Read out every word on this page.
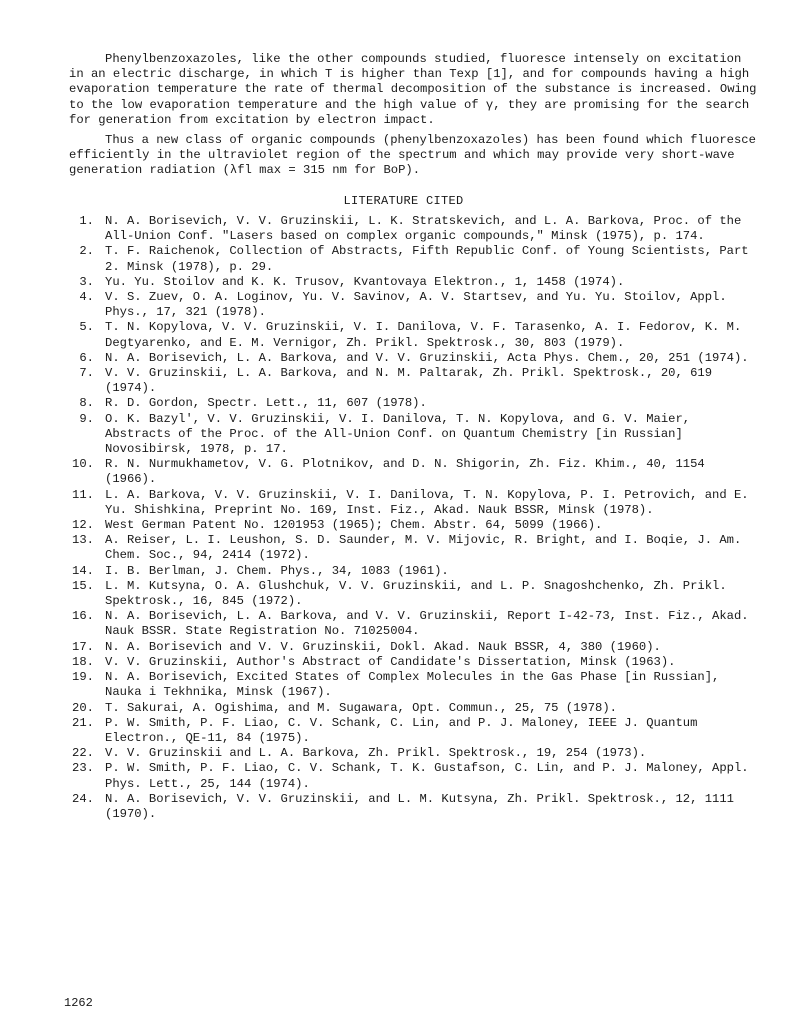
Phenylbenzoxazoles, like the other compounds studied, fluoresce intensely on excitation in an electric discharge, in which T is higher than Texp [1], and for compounds having a high evaporation temperature the rate of thermal decomposition of the substance is increased. Owing to the low evaporation temperature and the high value of γ, they are promising for the search for generation from excitation by electron impact.

Thus a new class of organic compounds (phenylbenzoxazoles) has been found which fluoresce efficiently in the ultraviolet region of the spectrum and which may provide very short-wave generation radiation (λfl max = 315 nm for BoP).

LITERATURE CITED
1. N. A. Borisevich, V. V. Gruzinskii, L. K. Stratskevich, and L. A. Barkova, Proc. of the All-Union Conf. "Lasers based on complex organic compounds," Minsk (1975), p. 174.
2. T. F. Raichenok, Collection of Abstracts, Fifth Republic Conf. of Young Scientists, Part 2. Minsk (1978), p. 29.
3. Yu. Yu. Stoilov and K. K. Trusov, Kvantovaya Elektron., 1, 1458 (1974).
4. V. S. Zuev, O. A. Loginov, Yu. V. Savinov, A. V. Startsev, and Yu. Yu. Stoilov, Appl. Phys., 17, 321 (1978).
5. T. N. Kopylova, V. V. Gruzinskii, V. I. Danilova, V. F. Tarasenko, A. I. Fedorov, K. M. Degtyarenko, and E. M. Vernigor, Zh. Prikl. Spektrosk., 30, 803 (1979).
6. N. A. Borisevich, L. A. Barkova, and V. V. Gruzinskii, Acta Phys. Chem., 20, 251 (1974).
7. V. V. Gruzinskii, L. A. Barkova, and N. M. Paltarak, Zh. Prikl. Spektrosk., 20, 619 (1974).
8. R. D. Gordon, Spectr. Lett., 11, 607 (1978).
9. O. K. Bazyl', V. V. Gruzinskii, V. I. Danilova, T. N. Kopylova, and G. V. Maier, Abstracts of the Proc. of the All-Union Conf. on Quantum Chemistry [in Russian] Novosibirsk, 1978, p. 17.
10. R. N. Nurmukhametov, V. G. Plotnikov, and D. N. Shigorin, Zh. Fiz. Khim., 40, 1154 (1966).
11. L. A. Barkova, V. V. Gruzinskii, V. I. Danilova, T. N. Kopylova, P. I. Petrovich, and E. Yu. Shishkina, Preprint No. 169, Inst. Fiz., Akad. Nauk BSSR, Minsk (1978).
12. West German Patent No. 1201953 (1965); Chem. Abstr. 64, 5099 (1966).
13. A. Reiser, L. I. Leushon, S. D. Saunder, M. V. Mijovic, R. Bright, and I. Boqie, J. Am. Chem. Soc., 94, 2414 (1972).
14. I. B. Berlman, J. Chem. Phys., 34, 1083 (1961).
15. L. M. Kutsyna, O. A. Glushchuk, V. V. Gruzinskii, and L. P. Snagoshchenko, Zh. Prikl. Spektrosk., 16, 845 (1972).
16. N. A. Borisevich, L. A. Barkova, and V. V. Gruzinskii, Report I-42-73, Inst. Fiz., Akad. Nauk BSSR. State Registration No. 71025004.
17. N. A. Borisevich and V. V. Gruzinskii, Dokl. Akad. Nauk BSSR, 4, 380 (1960).
18. V. V. Gruzinskii, Author's Abstract of Candidate's Dissertation, Minsk (1963).
19. N. A. Borisevich, Excited States of Complex Molecules in the Gas Phase [in Russian], Nauka i Tekhnika, Minsk (1967).
20. T. Sakurai, A. Ogishima, and M. Sugawara, Opt. Commun., 25, 75 (1978).
21. P. W. Smith, P. F. Liao, C. V. Schank, C. Lin, and P. J. Maloney, IEEE J. Quantum Electron., QE-11, 84 (1975).
22. V. V. Gruzinskii and L. A. Barkova, Zh. Prikl. Spektrosk., 19, 254 (1973).
23. P. W. Smith, P. F. Liao, C. V. Schank, T. K. Gustafson, C. Lin, and P. J. Maloney, Appl. Phys. Lett., 25, 144 (1974).
24. N. A. Borisevich, V. V. Gruzinskii, and L. M. Kutsyna, Zh. Prikl. Spektrosk., 12, 1111 (1970).
1262
